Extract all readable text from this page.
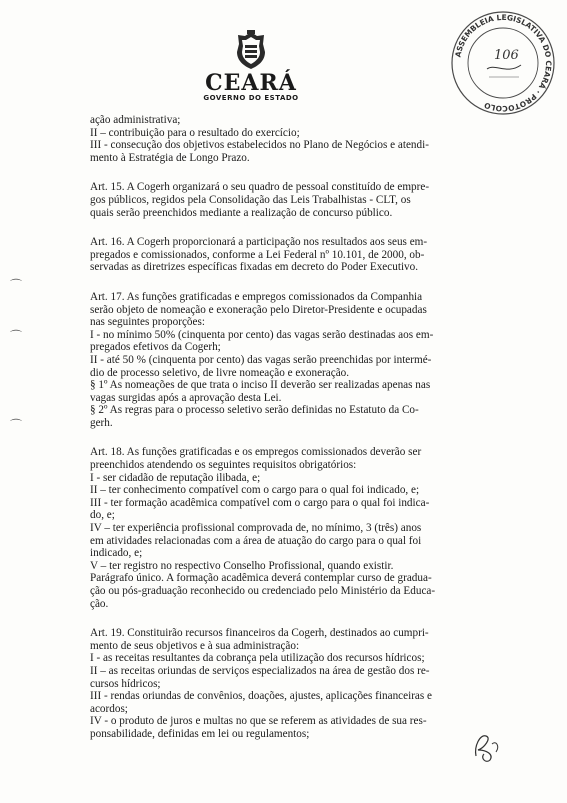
CEARÁ
GOVERNO DO ESTADO
ASSEMBLEIA LEGISLATIVA DO CEARÁ · PROTOCOLO
106
⌒
⌒
⌒

ação administrativa;
II – contribuição para o resultado do exercício;
III - consecução dos objetivos estabelecidos no Plano de Negócios e atendi-
mento à Estratégia de Longo Prazo.

Art. 15. A Cogerh organizará o seu quadro de pessoal constituído de empre-
gos públicos, regidos pela Consolidação das Leis Trabalhistas - CLT, os
quais serão preenchidos mediante a realização de concurso público.

Art. 16. A Cogerh proporcionará a participação nos resultados aos seus em-
pregados e comissionados, conforme a Lei Federal nº 10.101, de 2000, ob-
servadas as diretrizes específicas fixadas em decreto do Poder Executivo.

Art. 17. As funções gratificadas e empregos comissionados da Companhia
serão objeto de nomeação e exoneração pelo Diretor-Presidente e ocupadas
nas seguintes proporções:
I - no mínimo 50% (cinquenta por cento) das vagas serão destinadas aos em-
pregados efetivos da Cogerh;
II - até 50 % (cinquenta por cento) das vagas serão preenchidas por intermé-
dio de processo seletivo, de livre nomeação e exoneração.
§ 1º As nomeações de que trata o inciso II deverão ser realizadas apenas nas
vagas surgidas após a aprovação desta Lei.
§ 2º As regras para o processo seletivo serão definidas no Estatuto da Co-
gerh.

Art. 18. As funções gratificadas e os empregos comissionados deverão ser
preenchidos atendendo os seguintes requisitos obrigatórios:
I - ser cidadão de reputação ilibada, e;
II – ter conhecimento compatível com o cargo para o qual foi indicado, e;
III - ter formação acadêmica compatível com o cargo para o qual foi indica-
do, e;
IV – ter experiência profissional comprovada de, no mínimo, 3 (três) anos
em atividades relacionadas com a área de atuação do cargo para o qual foi
indicado, e;
V – ter registro no respectivo Conselho Profissional, quando existir.
Parágrafo único. A formação acadêmica deverá contemplar curso de gradua-
ção ou pós-graduação reconhecido ou credenciado pelo Ministério da Educa-
ção.

Art. 19. Constituirão recursos financeiros da Cogerh, destinados ao cumpri-
mento de seus objetivos e à sua administração:
I - as receitas resultantes da cobrança pela utilização dos recursos hídricos;
II – as receitas oriundas de serviços especializados na área de gestão dos re-
cursos hídricos;
III - rendas oriundas de convênios, doações, ajustes, aplicações financeiras e
acordos;
IV - o produto de juros e multas no que se referem as atividades de sua res-
ponsabilidade, definidas em lei ou regulamentos;
